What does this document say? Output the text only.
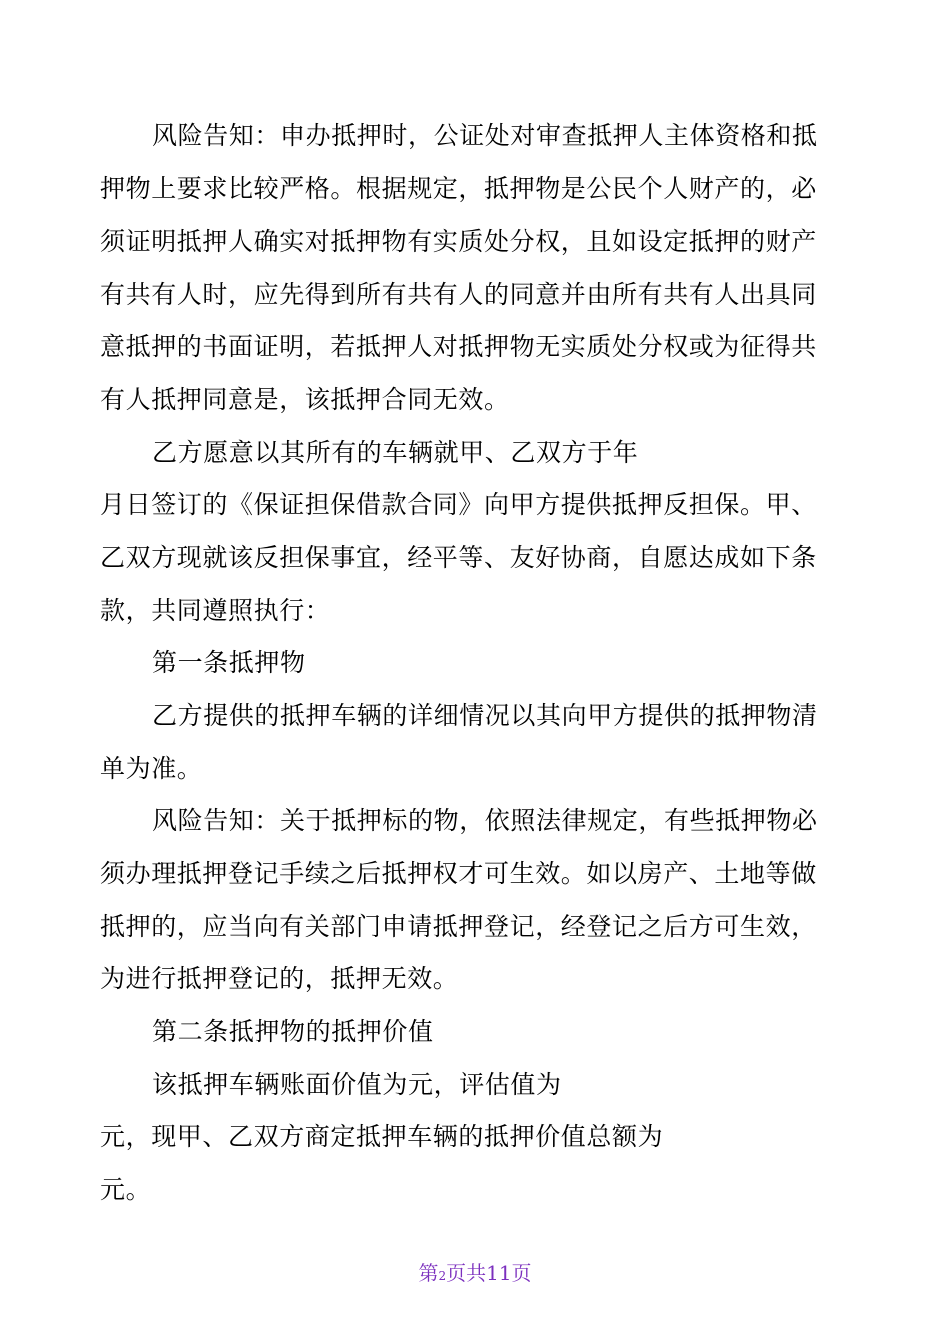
风险告知：申办抵押时，公证处对审查抵押人主体资格和抵
押物上要求比较严格。根据规定，抵押物是公民个人财产的，必
须证明抵押人确实对抵押物有实质处分权，且如设定抵押的财产
有共有人时，应先得到所有共有人的同意并由所有共有人出具同
意抵押的书面证明，若抵押人对抵押物无实质处分权或为征得共
有人抵押同意是，该抵押合同无效。
乙方愿意以其所有的车辆就甲、乙双方于年
月日签订的《保证担保借款合同》向甲方提供抵押反担保。甲、
乙双方现就该反担保事宜，经平等、友好协商，自愿达成如下条
款，共同遵照执行：
第一条抵押物
乙方提供的抵押车辆的详细情况以其向甲方提供的抵押物清
单为准。
风险告知：关于抵押标的物，依照法律规定，有些抵押物必
须办理抵押登记手续之后抵押权才可生效。如以房产、土地等做
抵押的，应当向有关部门申请抵押登记，经登记之后方可生效，
为进行抵押登记的，抵押无效。
第二条抵押物的抵押价值
该抵押车辆账面价值为元，评估值为
元，现甲、乙双方商定抵押车辆的抵押价值总额为
元。
第2页共11页
